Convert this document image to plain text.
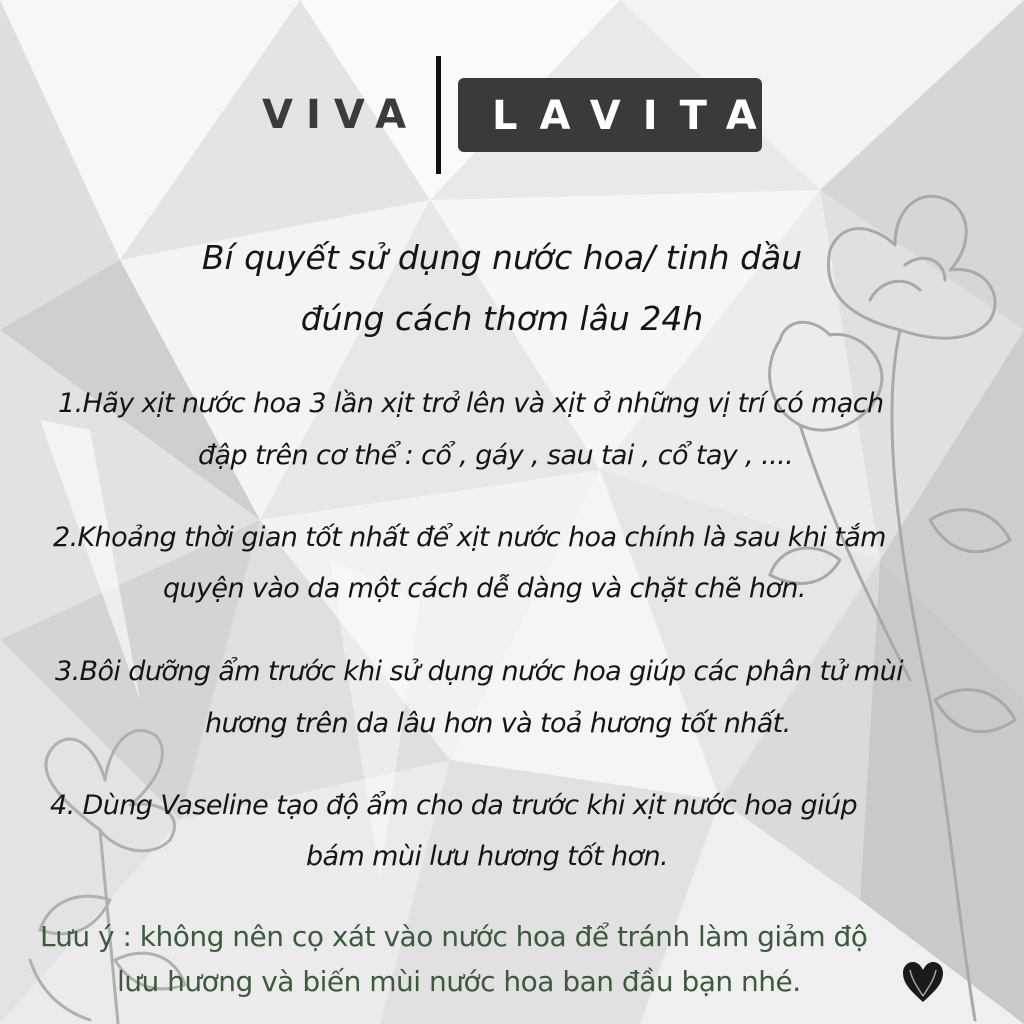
VIVA LAVITA
Bí quyết sử dụng nước hoa/ tinh dầu
đúng cách thơm lâu 24h
1.Hãy xịt nước hoa 3 lần xịt trở lên và xịt ở những vị trí có mạch
đập trên cơ thể : cổ , gáy , sau tai , cổ tay , ....
2.Khoảng thời gian tốt nhất để xịt nước hoa chính là sau khi tắm
quyện vào da một cách dễ dàng và chặt chẽ hơn.
3.Bôi dưỡng ẩm trước khi sử dụng nước hoa giúp các phân tử mùi
hương trên da lâu hơn và toả hương tốt nhất.
4. Dùng Vaseline tạo độ ẩm cho da trước khi xịt nước hoa giúp
bám mùi lưu hương tốt hơn.
Lưu ý : không nên cọ xát vào nước hoa để tránh làm giảm độ
lưu hương và biến mùi nước hoa ban đầu bạn nhé.
